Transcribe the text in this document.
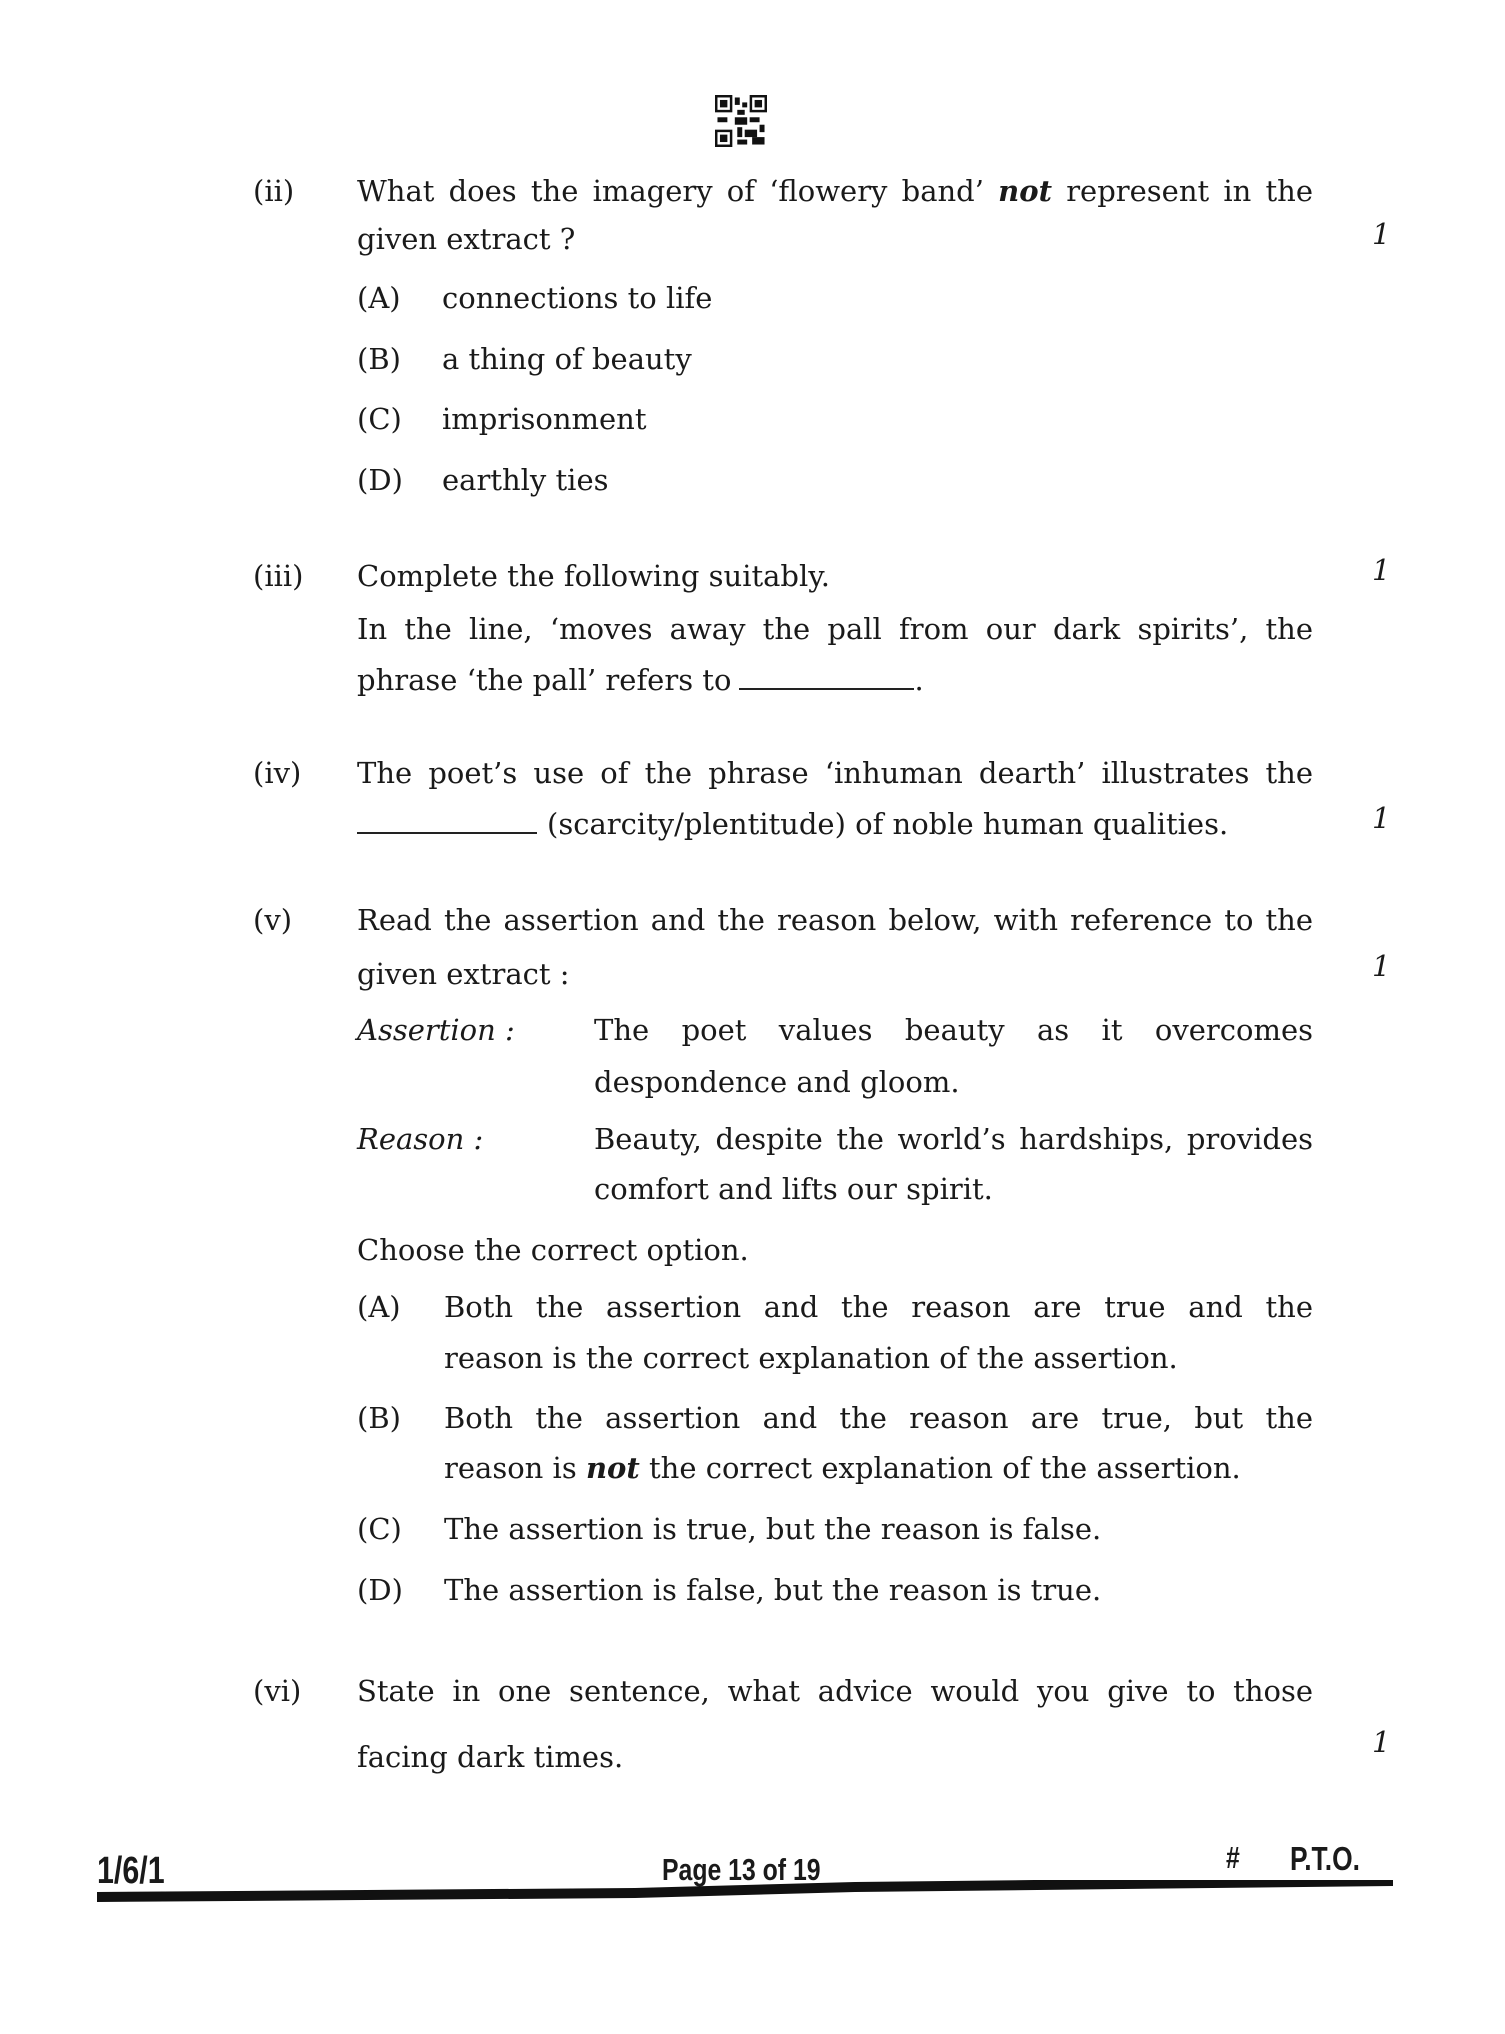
(ii) What does the imagery of ‘flowery band’ not represent in the
given extract ?	1
(A) connections to life
(B) a thing of beauty
(C) imprisonment
(D) earthly ties
(iii) Complete the following suitably.	1
In the line, ‘moves away the pall from our dark spirits’, the
phrase ‘the pall’ refers to	.
(iv) The poet’s use of the phrase ‘inhuman dearth’ illustrates the
(scarcity/plentitude) of noble human qualities.	1
(v) Read the assertion and the reason below, with reference to the
given extract :	1
Assertion :	The poet values beauty as it overcomes
despondence and gloom.
Reason :	Beauty, despite the world’s hardships, provides
comfort and lifts our spirit.
Choose the correct option.
(A) Both the assertion and the reason are true and the
reason is the correct explanation of the assertion.
(B) Both the assertion and the reason are true, but the
reason is not the correct explanation of the assertion.
(C) The assertion is true, but the reason is false.
(D) The assertion is false, but the reason is true.
(vi) State in one sentence, what advice would you give to those
facing dark times.	1
1/6/1	Page 13 of 19	# P.T.O.
